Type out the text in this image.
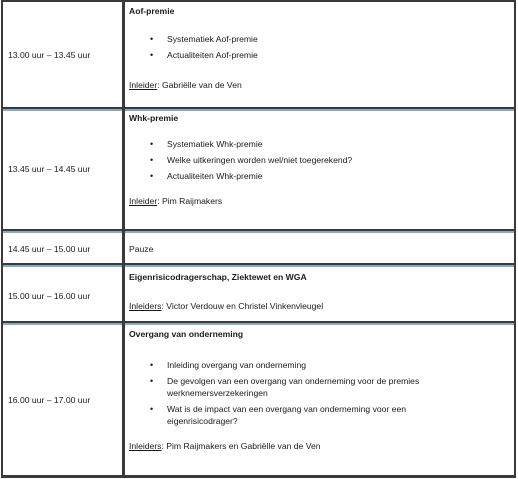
13.00 uur – 13.45 uur

Aof-premie

• Systematiek Aof-premie
• Actualiteiten Aof-premie
Inleider: Gabriëlle van de Ven
13.45 uur – 14.45 uur

Whk-premie

• Systematiek Whk-premie
• Welke uitkeringen worden wel/niet toegerekend?
• Actualiteiten Whk-premie
Inleider: Pim Raijmakers
14.45 uur – 15.00 uur	Pauze

15.00 uur – 16.00 uur

Eigenrisicodragerschap, Ziektewet en WGA

Inleiders: Victor Verdouw en Christel Vinkenvleugel
16.00 uur – 17.00 uur

Overgang van onderneming

• Inleiding overgang van onderneming
• De gevolgen van een overgang van onderneming voor de premies werknemersverzekeringen
• Wat is de impact van een overgang van onderneming voor een eigenrisicodrager?
Inleiders: Pim Raijmakers en Gabriëlle van de Ven
